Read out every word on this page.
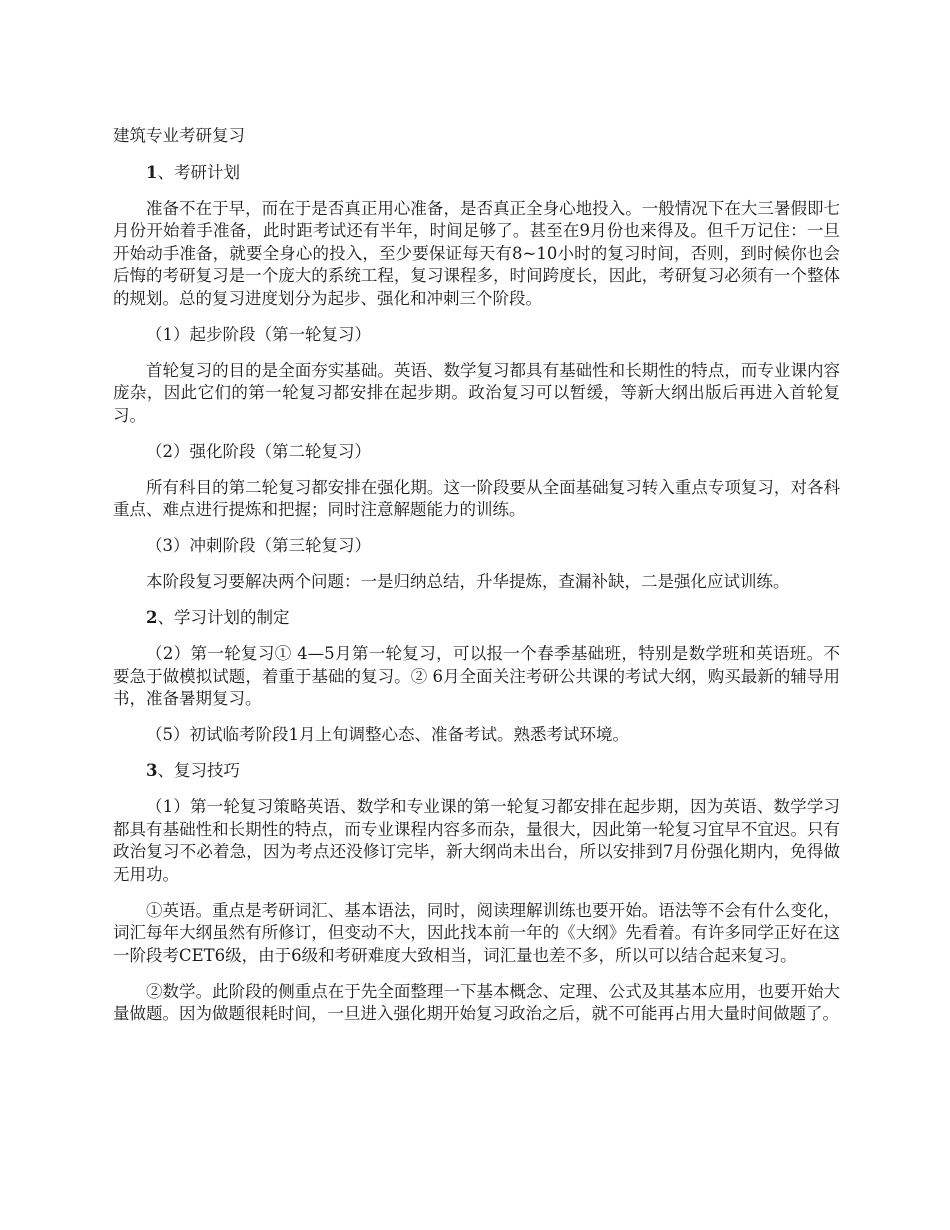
建筑专业考研复习

1、考研计划

准备不在于早，而在于是否真正用心准备，是否真正全身心地投入。一般情况下在大三暑假即七月份开始着手准备，此时距考试还有半年，时间足够了。甚至在9月份也来得及。但千万记住：一旦开始动手准备，就要全身心的投入，至少要保证每天有8~10小时的复习时间，否则，到时候你也会后悔的考研复习是一个庞大的系统工程，复习课程多，时间跨度长，因此，考研复习必须有一个整体的规划。总的复习进度划分为起步、强化和冲刺三个阶段。

（1）起步阶段（第一轮复习）

首轮复习的目的是全面夯实基础。英语、数学复习都具有基础性和长期性的特点，而专业课内容庞杂，因此它们的第一轮复习都安排在起步期。政治复习可以暂缓，等新大纲出版后再进入首轮复习。

（2）强化阶段（第二轮复习）

所有科目的第二轮复习都安排在强化期。这一阶段要从全面基础复习转入重点专项复习，对各科重点、难点进行提炼和把握；同时注意解题能力的训练。

（3）冲刺阶段（第三轮复习）

本阶段复习要解决两个问题：一是归纳总结，升华提炼，查漏补缺，二是强化应试训练。

2、学习计划的制定

（2）第一轮复习① 4—5月第一轮复习，可以报一个春季基础班，特别是数学班和英语班。不要急于做模拟试题，着重于基础的复习。② 6月全面关注考研公共课的考试大纲，购买最新的辅导用书，准备暑期复习。

（5）初试临考阶段1月上旬调整心态、准备考试。熟悉考试环境。

3、复习技巧

（1）第一轮复习策略英语、数学和专业课的第一轮复习都安排在起步期，因为英语、数学学习都具有基础性和长期性的特点，而专业课程内容多而杂，量很大，因此第一轮复习宜早不宜迟。只有政治复习不必着急，因为考点还没修订完毕，新大纲尚未出台，所以安排到7月份强化期内，免得做无用功。

①英语。重点是考研词汇、基本语法，同时，阅读理解训练也要开始。语法等不会有什么变化，词汇每年大纲虽然有所修订，但变动不大，因此找本前一年的《大纲》先看着。有许多同学正好在这一阶段考CET6级，由于6级和考研难度大致相当，词汇量也差不多，所以可以结合起来复习。

②数学。此阶段的侧重点在于先全面整理一下基本概念、定理、公式及其基本应用，也要开始大量做题。因为做题很耗时间，一旦进入强化期开始复习政治之后，就不可能再占用大量时间做题了。
